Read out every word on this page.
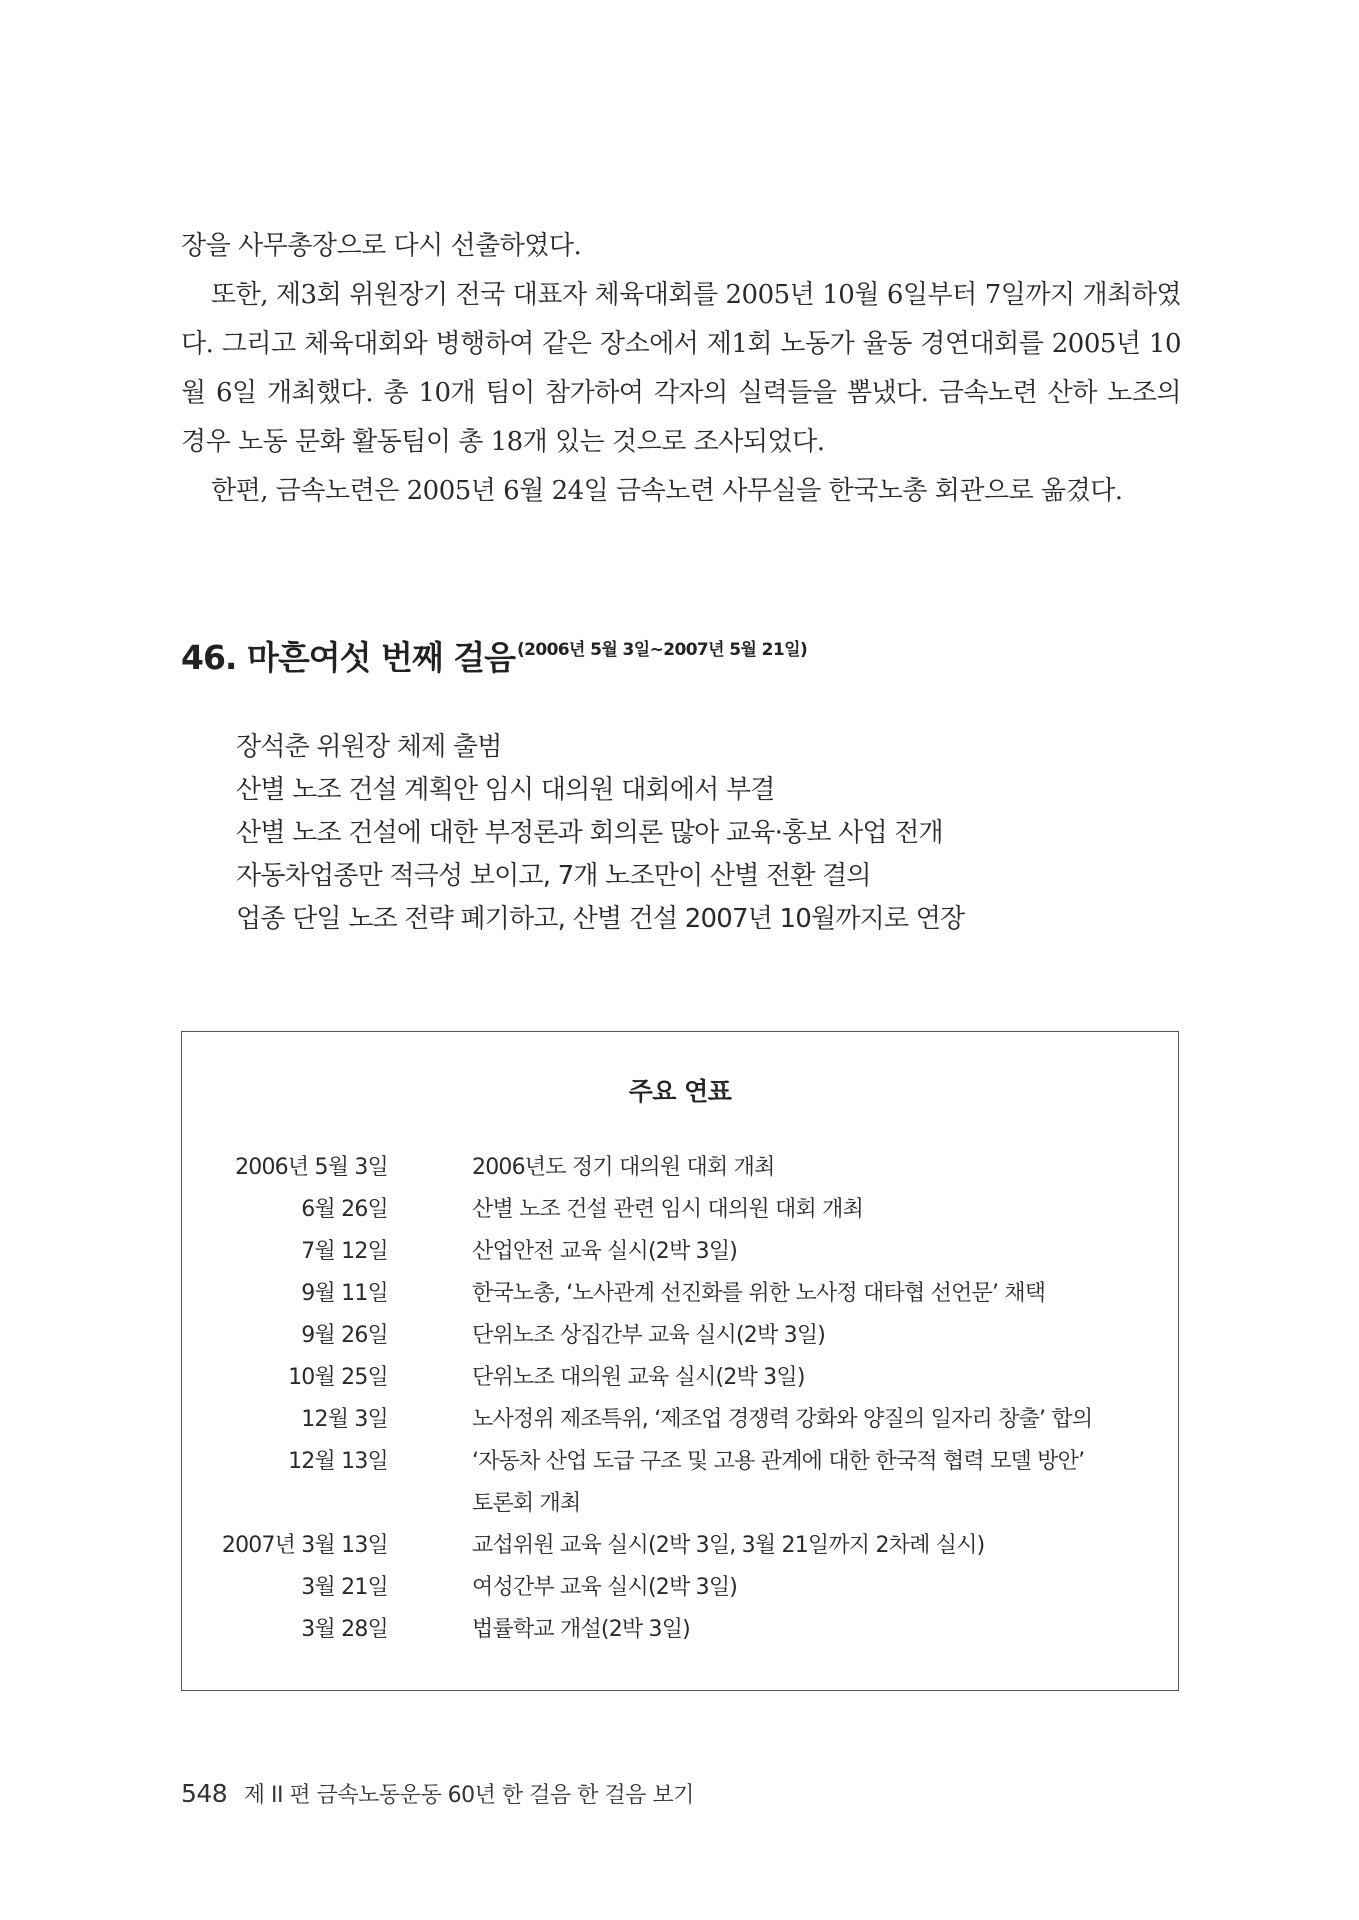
장을 사무총장으로 다시 선출하였다.

또한, 제3회 위원장기 전국 대표자 체육대회를 2005년 10월 6일부터 7일까지 개최하였다. 그리고 체육대회와 병행하여 같은 장소에서 제1회 노동가 율동 경연대회를 2005년 10월 6일 개최했다. 총 10개 팀이 참가하여 각자의 실력들을 뽐냈다. 금속노련 산하 노조의 경우 노동 문화 활동팀이 총 18개 있는 것으로 조사되었다.

한편, 금속노련은 2005년 6월 24일 금속노련 사무실을 한국노총 회관으로 옮겼다.

46. 마흔여섯 번째 걸음 $^{(2006년 5월 3일\sim 2007년 5월 21일)}$
장석춘 위원장 체제 출범
산별 노조 건설 계획안 임시 대의원 대회에서 부결
산별 노조 건설에 대한 부정론과 회의론 많아 교육·홍보 사업 전개
자동차업종만 적극성 보이고, 7개 노조만이 산별 전환 결의
업종 단일 노조 전략 폐기하고, 산별 건설 2007년 10월까지로 연장
주요 연표
2006년 5월 3일	2006년도 정기 대의원 대회 개최
6월 26일	산별 노조 건설 관련 임시 대의원 대회 개최
7월 12일	산업안전 교육 실시(2박 3일)
9월 11일	한국노총, ‘노사관계 선진화를 위한 노사정 대타협 선언문’ 채택
9월 26일	단위노조 상집간부 교육 실시(2박 3일)
10월 25일	단위노조 대의원 교육 실시(2박 3일)
12월 3일	노사정위 제조특위, ‘제조업 경쟁력 강화와 양질의 일자리 창출’ 합의
12월 13일	‘자동차 산업 도급 구조 및 고용 관계에 대한 한국적 협력 모델 방안’
토론회 개최
2007년 3월 13일	교섭위원 교육 실시(2박 3일, 3월 21일까지 2차례 실시)
3월 21일	여성간부 교육 실시(2박 3일)
3월 28일	법률학교 개설(2박 3일)
548 제 II 편 금속노동운동 60년 한 걸음 한 걸음 보기
